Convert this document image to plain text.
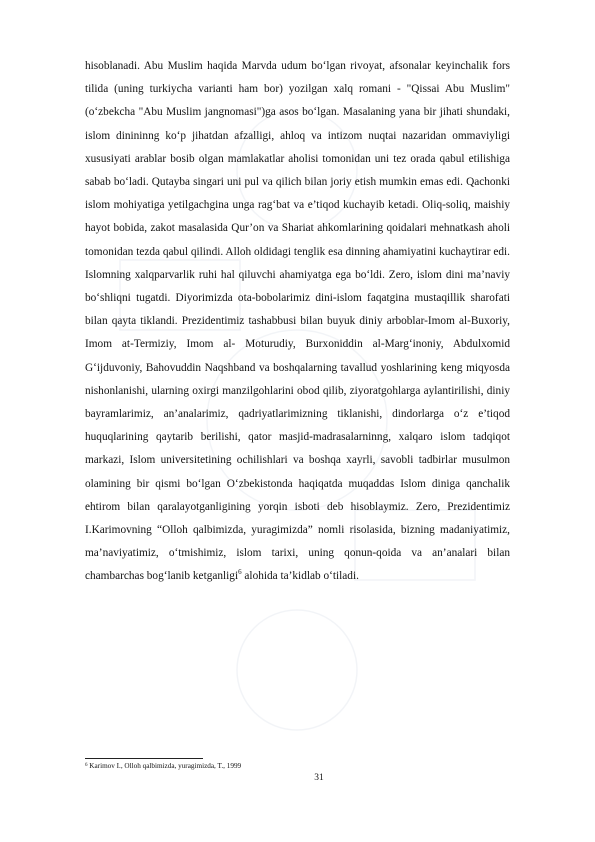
hisoblanadi. Abu Muslim haqida Marvda udum bo‘lgan rivoyat, afsonalar keyinchalik fors tilida (uning turkiycha varianti ham bor) yozilgan xalq romani - "Qissai Abu Muslim" (o‘zbekcha "Abu Muslim jangnomasi")ga asos bo‘lgan. Masalaning yana bir jihati shundaki, islom dinininng ko‘p jihatdan afzalligi, ahloq va intizom nuqtai nazaridan ommaviyligi xususiyati arablar bosib olgan mamlakatlar aholisi tomonidan uni tez orada qabul etilishiga sabab bo‘ladi. Qutayba singari uni pul va qilich bilan joriy etish mumkin emas edi. Qachonki islom mohiyatiga yetilgachgina unga rag‘bat va e’tiqod kuchayib ketadi. Oliq-soliq, maishiy hayot bobida, zakot masalasida Qur’on va Shariat ahkomlarining qoidalari mehnatkash aholi tomonidan tezda qabul qilindi. Alloh oldidagi tenglik esa dinning ahamiyatini kuchaytirar edi. Islomning xalqparvarlik ruhi hal qiluvchi ahamiyatga ega bo‘ldi. Zero, islom dini ma’naviy bo‘shliqni tugatdi. Diyorimizda ota-bobolarimiz dini-islom faqatgina mustaqillik sharofati bilan qayta tiklandi. Prezidentimiz tashabbusi bilan buyuk diniy arboblar-Imom al-Buxoriy, Imom at-Termiziy, Imom al- Moturudiy, Burxoniddin al-Marg‘inoniy, Abdulxomid G‘ijduvoniy, Bahovuddin Naqshband va boshqalarning tavallud yoshlarining keng miqyosda nishonlanishi, ularning oxirgi manzilgohlarini obod qilib, ziyoratgohlarga aylantirilishi, diniy bayramlarimiz, an’analarimiz, qadriyatlarimizning tiklanishi, dindorlarga o‘z e’tiqod huquqlarining qaytarib berilishi, qator masjid-madrasalarninng, xalqaro islom tadqiqot markazi, Islom universitetining ochilishlari va boshqa xayrli, savobli tadbirlar musulmon olamining bir qismi bo‘lgan O‘zbekistonda haqiqatda muqaddas Islom diniga qanchalik ehtirom bilan qaralayotganligining yorqin isboti deb hisoblaymiz. Zero, Prezidentimiz I.Karimovning “Olloh qalbimizda, yuragimizda” nomli risolasida, bizning madaniyatimiz, ma’naviyatimiz, o‘tmishimiz, islom tarixi, uning qonun-qoida va an’analari bilan chambarchas bog‘lanib ketganligi$^6$ alohida ta’kidlab o‘tiladi.

$^6$ Karimov I., Olloh qalbimizda, yuragimizda, T., 1999

31
